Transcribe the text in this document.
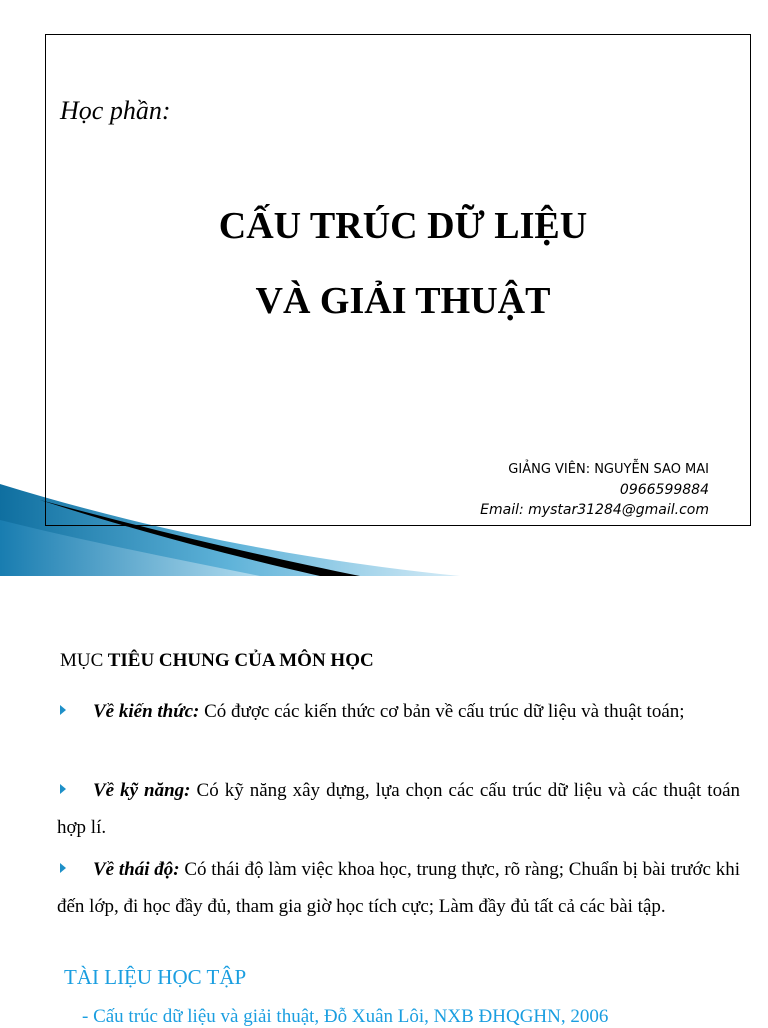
Học phần:
CẤU TRÚC DỮ LIỆU
VÀ GIẢI THUẬT
GIẢNG VIÊN: NGUYỄN SAO MAI
0966599884
Email: mystar31284@gmail.com
MỤC TIÊU CHUNG CỦA MÔN HỌC
Về kiến thức: Có được các kiến thức cơ bản về cấu trúc dữ liệu và thuật toán;
Về kỹ năng: Có kỹ năng xây dựng, lựa chọn các cấu trúc dữ liệu và các thuật toán hợp lí.
Về thái độ: Có thái độ làm việc khoa học, trung thực, rõ ràng; Chuẩn bị bài trước khi đến lớp, đi học đầy đủ, tham gia giờ học tích cực; Làm đầy đủ tất cả các bài tập.
TÀI LIỆU HỌC TẬP
- Cấu trúc dữ liệu và giải thuật, Đỗ Xuân Lôi, NXB ĐHQGHN, 2006
